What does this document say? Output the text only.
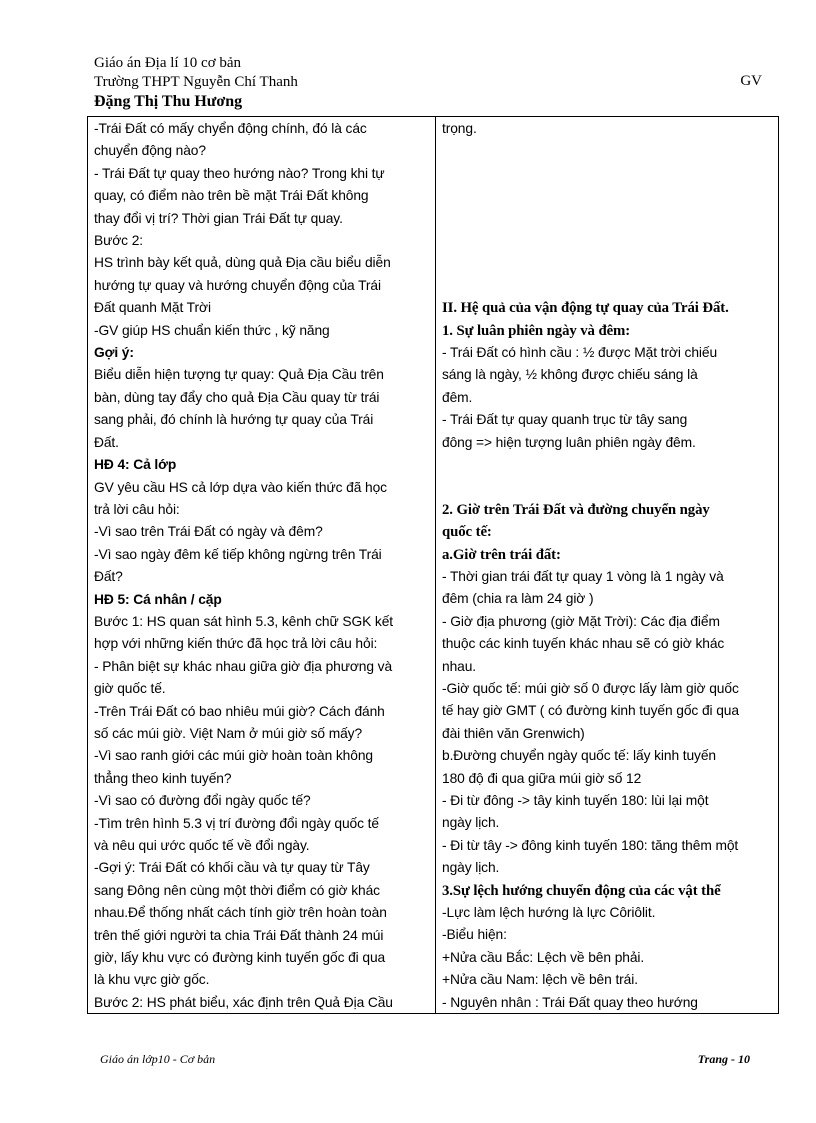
Giáo án Địa lí 10 cơ bản
Trường THPT Nguyễn Chí Thanh
Đặng Thị Thu Hương
GV
-Trái Đất có mấy chyển động chính, đó là các
chuyển động nào?
- Trái Đất tự quay theo hướng nào? Trong khi tự
quay, có điểm nào trên bề mặt Trái Đất không
thay đổi vị trí? Thời gian Trái Đất tự quay.
Bước 2:
HS trình bày kết quả, dùng quả Địa cầu biểu diễn
hướng tự quay và hướng chuyển động của Trái
Đất quanh Mặt Trời
-GV giúp HS chuẩn kiến thức , kỹ năng
Gợi ý:
Biểu diễn hiện tượng tự quay: Quả Địa Cầu trên
bàn, dùng tay đẩy cho quả Địa Cầu quay từ trái
sang phải, đó chính là hướng tự quay của Trái
Đất.
HĐ 4: Cả lớp
GV yêu cầu HS cả lớp dựa vào kiến thức đã học
trả lời câu hỏi:
-Vì sao trên Trái Đất có ngày và đêm?
-Vì sao ngày đêm kế tiếp không ngừng trên Trái
Đất?
HĐ 5: Cá nhân / cặp
Bước 1: HS quan sát hình 5.3, kênh chữ SGK kết
hợp với những kiến thức đã học trả lời câu hỏi:
- Phân biệt sự khác nhau giữa giờ địa phương và
giờ quốc tế.
-Trên Trái Đất có bao nhiêu múi giờ? Cách đánh
số các múi giờ. Việt Nam ở múi giờ số mấy?
-Vì sao ranh giới các múi giờ hoàn toàn không
thẳng theo kinh tuyến?
-Vì sao có đường đổi ngày quốc tế?
-Tìm trên hình 5.3 vị trí đường đổi ngày quốc tế
và nêu qui ước quốc tế về đổi ngày.
-Gợi ý: Trái Đất có khối cầu và tự quay từ Tây
sang Đông nên cùng một thời điểm có giờ khác
nhau.Để thống nhất cách tính giờ trên hoàn toàn
trên thế giới người ta chia Trái Đất thành 24 múi
giờ, lấy khu vực có đường kinh tuyến gốc đi qua
là khu vực giờ gốc.
Bước 2: HS phát biểu, xác định trên Quả Địa Cầu
trọng.
II. Hệ quả của vận động tự quay của Trái Đất.
1. Sự luân phiên ngày và đêm:
- Trái Đất có hình cầu : ½ được Mặt trời chiếu
sáng là ngày, ½ không được chiếu sáng là
đêm.
- Trái Đất tự quay quanh trục từ tây sang
đông => hiện tượng luân phiên ngày đêm.
2. Giờ trên Trái Đất và đường chuyển ngày
quốc tế:
a.Giờ trên trái đất:
- Thời gian trái đất tự quay 1 vòng là 1 ngày và
đêm (chia ra làm 24 giờ )
- Giờ địa phương (giờ Mặt Trời): Các địa điểm
thuộc các kinh tuyến khác nhau sẽ có giờ khác
nhau.
-Giờ quốc tế: múi giờ số 0 được lấy làm giờ quốc
tế hay giờ GMT ( có đường kinh tuyến gốc đi qua
đài thiên văn Grenwich)
b.Đường chuyển ngày quốc tế: lấy kinh tuyến
180 độ đi qua giữa múi giờ số 12
- Đi từ đông -> tây kinh tuyến 180: lùi lại một
ngày lịch.
- Đi từ tây -> đông kinh tuyến 180: tăng thêm một
ngày lịch.
3.Sự lệch hướng chuyển động của các vật thể
-Lực làm lệch hướng là lực Côriôlit.
-Biểu hiện:
+Nửa cầu Bắc: Lệch về bên phải.
+Nửa cầu Nam: lệch về bên trái.
- Nguyên nhân : Trái Đất quay theo hướng
Giáo án lớp10 - Cơ bản	Trang - 10
